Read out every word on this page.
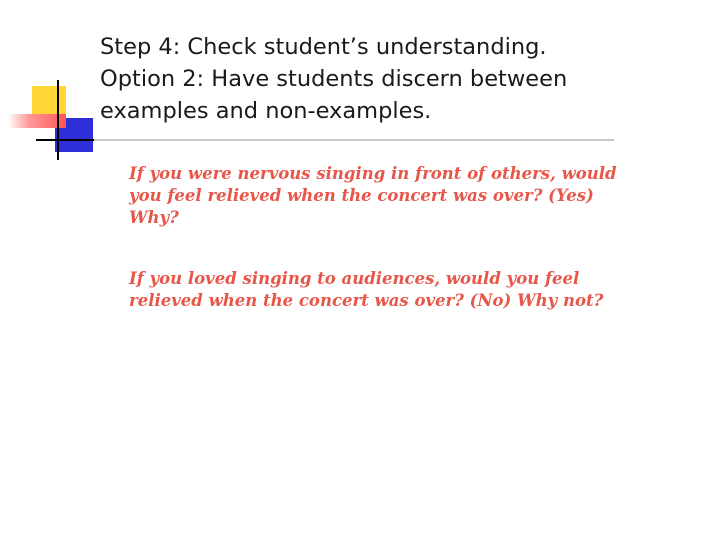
Step 4: Check student’s understanding.
Option 2: Have students discern between
examples and non-examples.
If you were nervous singing in front of others, would
you feel relieved when the concert was over? (Yes)
Why?
If you loved singing to audiences, would you feel
relieved when the concert was over? (No) Why not?
